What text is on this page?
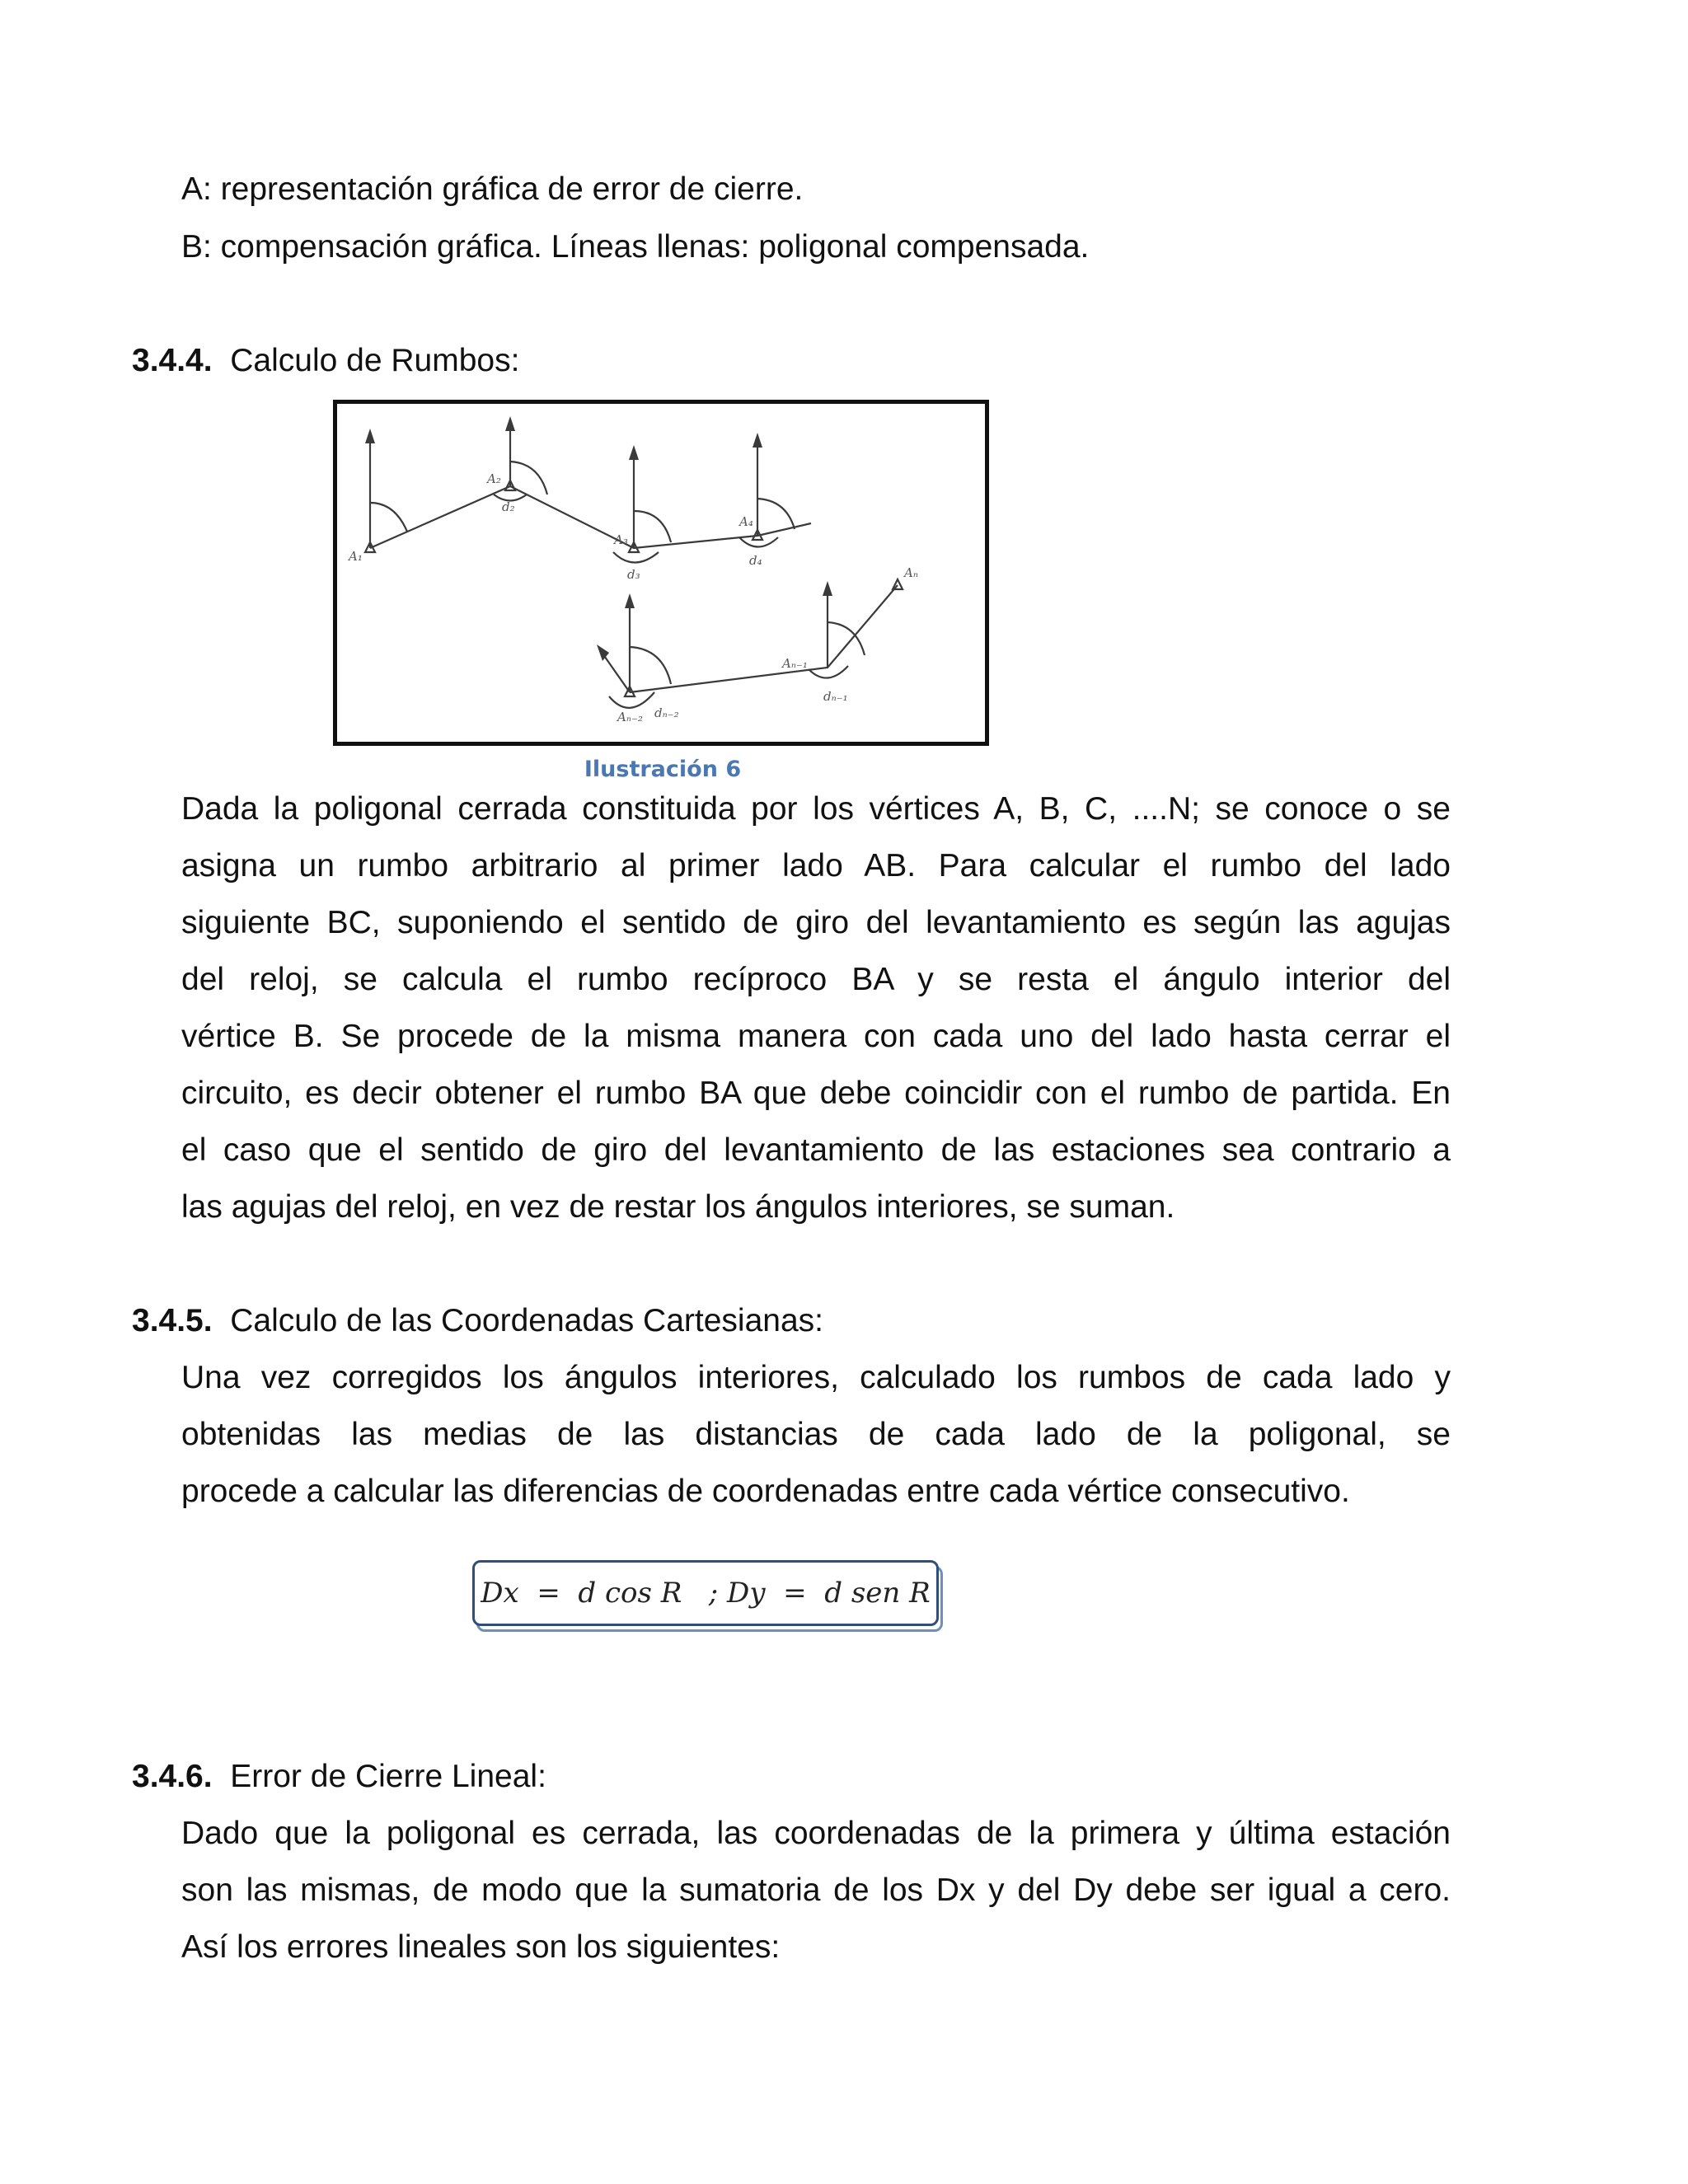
A: representación gráfica de error de cierre.
B: compensación gráfica. Líneas llenas: poligonal compensada.
3.4.4. Calculo de Rumbos:
A₁
A₂
A₃
A₄
Aₙ₋₁
Aₙ₋₂
Aₙ
d₂
d₃
d₄
dₙ₋₁
dₙ₋₂
Ilustración 6
Dada la poligonal cerrada constituida por los vértices A, B, C, ....N; se conoce o se
asigna un rumbo arbitrario al primer lado AB. Para calcular el rumbo del lado
siguiente BC, suponiendo el sentido de giro del levantamiento es según las agujas
del reloj, se calcula el rumbo recíproco BA y se resta el ángulo interior del
vértice B. Se procede de la misma manera con cada uno del lado hasta cerrar el
circuito, es decir obtener el rumbo BA que debe coincidir con el rumbo de partida. En
el caso que el sentido de giro del levantamiento de las estaciones sea contrario a
las agujas del reloj, en vez de restar los ángulos interiores, se suman.
3.4.5. Calculo de las Coordenadas Cartesianas:
Una vez corregidos los ángulos interiores, calculado los rumbos de cada lado y
obtenidas las medias de las distancias de cada lado de la poligonal, se
procede a calcular las diferencias de coordenadas entre cada vértice consecutivo.
Dx  =  d cos R   ; Dy  =  d sen R
3.4.6. Error de Cierre Lineal:
Dado que la poligonal es cerrada, las coordenadas de la primera y última estación
son las mismas, de modo que la sumatoria de los Dx y del Dy debe ser igual a cero.
Así los errores lineales son los siguientes:
